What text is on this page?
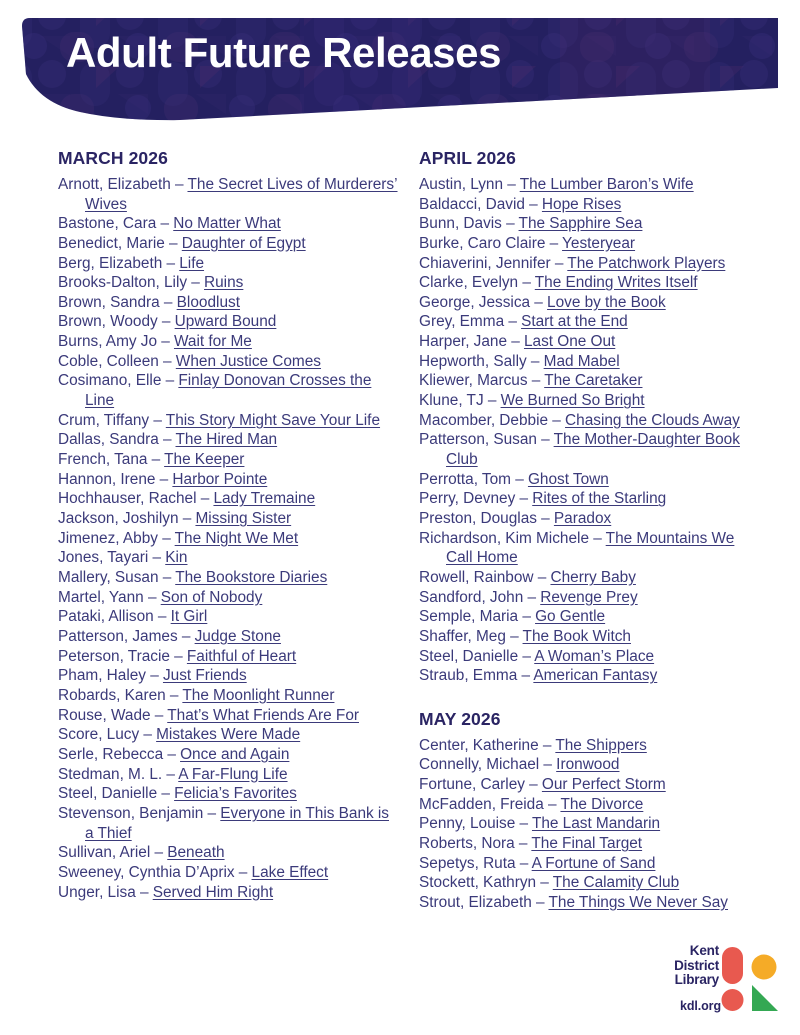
Adult Future Releases
MARCH 2026
Arnott, Elizabeth – The Secret Lives of Murderers’ Wives
Bastone, Cara – No Matter What
Benedict, Marie – Daughter of Egypt
Berg, Elizabeth – Life
Brooks-Dalton, Lily – Ruins
Brown, Sandra – Bloodlust
Brown, Woody – Upward Bound
Burns, Amy Jo – Wait for Me
Coble, Colleen – When Justice Comes
Cosimano, Elle – Finlay Donovan Crosses the Line
Crum, Tiffany – This Story Might Save Your Life
Dallas, Sandra – The Hired Man
French, Tana – The Keeper
Hannon, Irene – Harbor Pointe
Hochhauser, Rachel – Lady Tremaine
Jackson, Joshilyn – Missing Sister
Jimenez, Abby – The Night We Met
Jones, Tayari – Kin
Mallery, Susan – The Bookstore Diaries
Martel, Yann – Son of Nobody
Pataki, Allison – It Girl
Patterson, James – Judge Stone
Peterson, Tracie – Faithful of Heart
Pham, Haley – Just Friends
Robards, Karen – The Moonlight Runner
Rouse, Wade – That’s What Friends Are For
Score, Lucy – Mistakes Were Made
Serle, Rebecca – Once and Again
Stedman, M. L. – A Far-Flung Life
Steel, Danielle – Felicia’s Favorites
Stevenson, Benjamin – Everyone in This Bank is a Thief
Sullivan, Ariel – Beneath
Sweeney, Cynthia D’Aprix – Lake Effect
Unger, Lisa – Served Him Right
APRIL 2026
Austin, Lynn – The Lumber Baron’s Wife
Baldacci, David – Hope Rises
Bunn, Davis – The Sapphire Sea
Burke, Caro Claire – Yesteryear
Chiaverini, Jennifer – The Patchwork Players
Clarke, Evelyn – The Ending Writes Itself
George, Jessica – Love by the Book
Grey, Emma – Start at the End
Harper, Jane – Last One Out
Hepworth, Sally – Mad Mabel
Kliewer, Marcus – The Caretaker
Klune, TJ – We Burned So Bright
Macomber, Debbie – Chasing the Clouds Away
Patterson, Susan – The Mother-Daughter Book Club
Perrotta, Tom – Ghost Town
Perry, Devney – Rites of the Starling
Preston, Douglas – Paradox
Richardson, Kim Michele – The Mountains We Call Home
Rowell, Rainbow – Cherry Baby
Sandford, John – Revenge Prey
Semple, Maria – Go Gentle
Shaffer, Meg – The Book Witch
Steel, Danielle – A Woman’s Place
Straub, Emma – American Fantasy
MAY 2026
Center, Katherine – The Shippers
Connelly, Michael – Ironwood
Fortune, Carley – Our Perfect Storm
McFadden, Freida – The Divorce
Penny, Louise – The Last Mandarin
Roberts, Nora – The Final Target
Sepetys, Ruta – A Fortune of Sand
Stockett, Kathryn – The Calamity Club
Strout, Elizabeth – The Things We Never Say
Kent
District
Library
kdl.org
